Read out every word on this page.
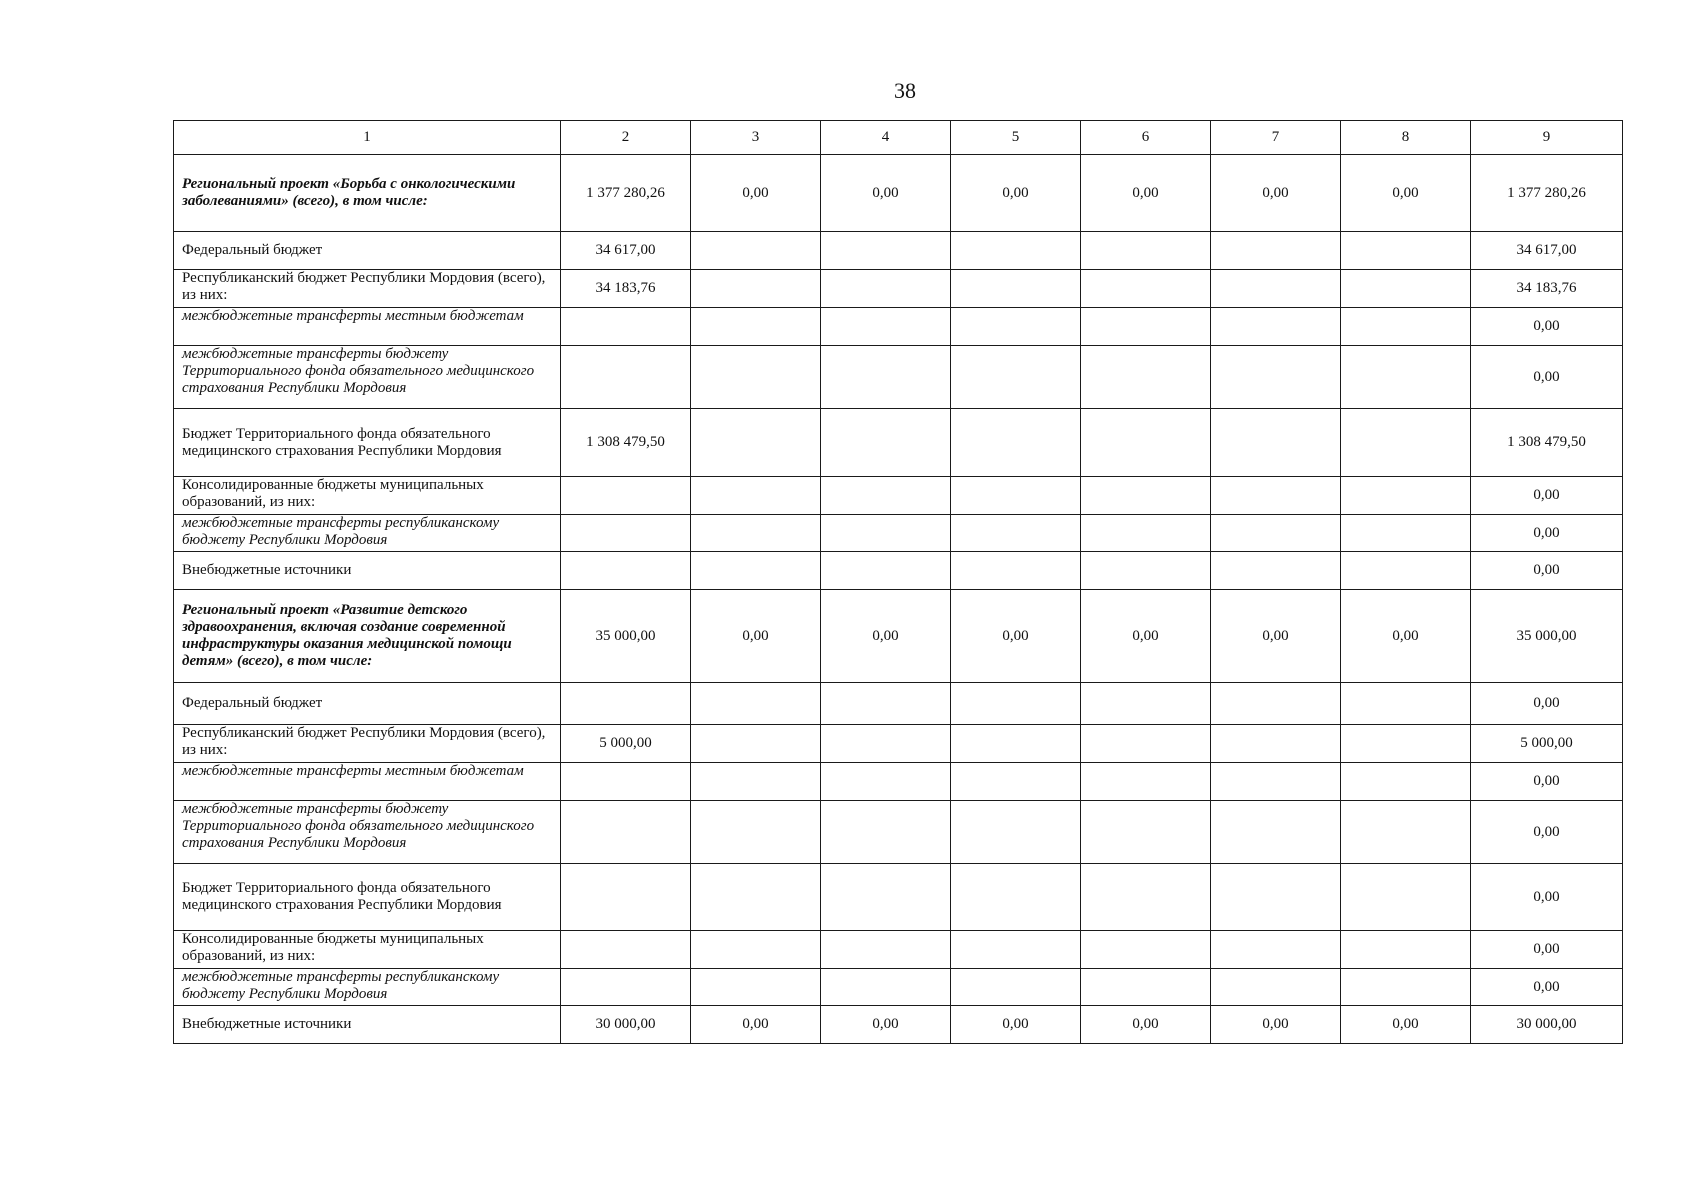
38
1	2	3	4	5	6	7	8	9
Региональный проект «Борьба с онкологическими заболеваниями» (всего), в том числе:	1 377 280,26	0,00	0,00	0,00	0,00	0,00	0,00	1 377 280,26
Федеральный бюджет	34 617,00							34 617,00
Республиканский бюджет Республики Мордовия (всего), из них:	34 183,76							34 183,76
межбюджетные трансферты местным бюджетам								0,00
межбюджетные трансферты бюджету Территориального фонда обязательного медицинского страхования Республики Мордовия								0,00
Бюджет Территориального фонда обязательного медицинского страхования Республики Мордовия	1 308 479,50							1 308 479,50
Консолидированные бюджеты муниципальных образований, из них:								0,00
межбюджетные трансферты республиканскому бюджету Республики Мордовия								0,00
Внебюджетные источники								0,00
Региональный проект «Развитие детского здравоохранения, включая создание современной инфраструктуры оказания медицинской помощи детям» (всего), в том числе:	35 000,00	0,00	0,00	0,00	0,00	0,00	0,00	35 000,00
Федеральный бюджет								0,00
Республиканский бюджет Республики Мордовия (всего), из них:	5 000,00							5 000,00
межбюджетные трансферты местным бюджетам								0,00
межбюджетные трансферты бюджету Территориального фонда обязательного медицинского страхования Республики Мордовия								0,00
Бюджет Территориального фонда обязательного медицинского страхования Республики Мордовия								0,00
Консолидированные бюджеты муниципальных образований, из них:								0,00
межбюджетные трансферты республиканскому бюджету Республики Мордовия								0,00
Внебюджетные источники	30 000,00	0,00	0,00	0,00	0,00	0,00	0,00	30 000,00
